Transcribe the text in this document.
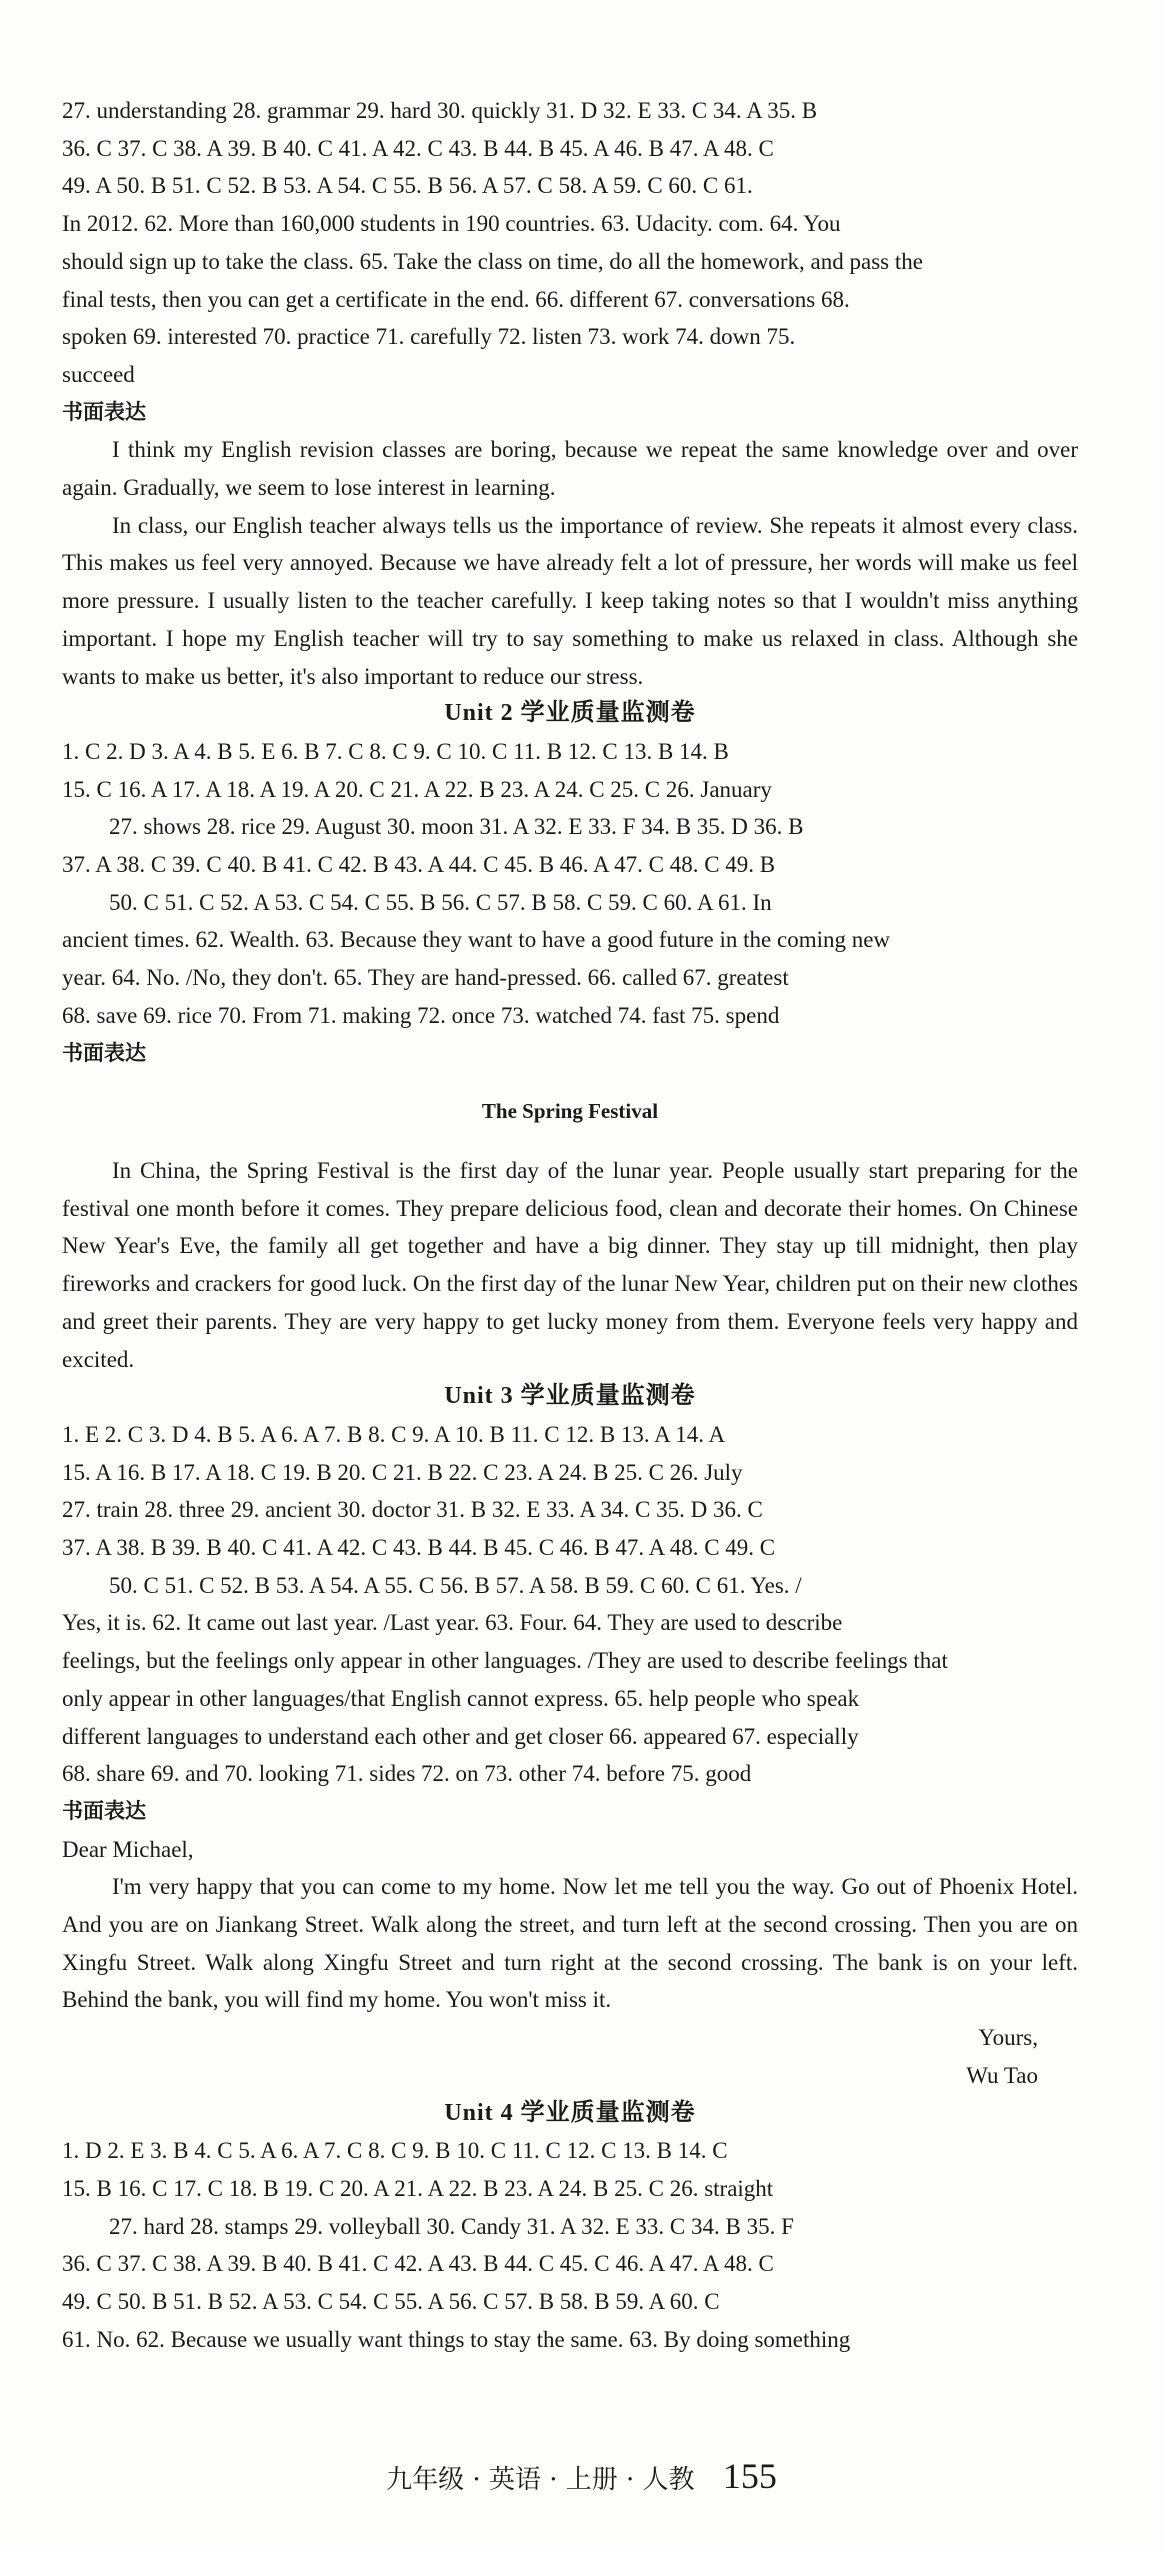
27. understanding 28. grammar 29. hard 30. quickly 31. D 32. E 33. C 34. A 35. B

36. C 37. C 38. A 39. B 40. C 41. A 42. C 43. B 44. B 45. A 46. B 47. A 48. C

49. A 50. B 51. C 52. B 53. A 54. C 55. B 56. A 57. C 58. A 59. C 60. C 61.

In 2012. 62. More than 160,000 students in 190 countries. 63. Udacity. com. 64. You

should sign up to take the class. 65. Take the class on time, do all the homework, and pass the

final tests, then you can get a certificate in the end. 66. different 67. conversations 68.

spoken 69. interested 70. practice 71. carefully 72. listen 73. work 74. down 75.

succeed

书面表达

I think my English revision classes are boring, because we repeat the same knowledge over and over again. Gradually, we seem to lose interest in learning.

In class, our English teacher always tells us the importance of review. She repeats it almost every class. This makes us feel very annoyed. Because we have already felt a lot of pressure, her words will make us feel more pressure. I usually listen to the teacher carefully. I keep taking notes so that I wouldn't miss anything important. I hope my English teacher will try to say something to make us relaxed in class. Although she wants to make us better, it's also important to reduce our stress.

Unit 2 学业质量监测卷

1. C 2. D 3. A 4. B 5. E 6. B 7. C 8. C 9. C 10. C 11. B 12. C 13. B 14. B

15. C 16. A 17. A 18. A 19. A 20. C 21. A 22. B 23. A 24. C 25. C 26. January

27. shows 28. rice 29. August 30. moon 31. A 32. E 33. F 34. B 35. D 36. B

37. A 38. C 39. C 40. B 41. C 42. B 43. A 44. C 45. B 46. A 47. C 48. C 49. B

50. C 51. C 52. A 53. C 54. C 55. B 56. C 57. B 58. C 59. C 60. A 61. In

ancient times. 62. Wealth. 63. Because they want to have a good future in the coming new

year. 64. No. /No, they don't. 65. They are hand-pressed. 66. called 67. greatest

68. save 69. rice 70. From 71. making 72. once 73. watched 74. fast 75. spend

书面表达

The Spring Festival

In China, the Spring Festival is the first day of the lunar year. People usually start preparing for the festival one month before it comes. They prepare delicious food, clean and decorate their homes. On Chinese New Year's Eve, the family all get together and have a big dinner. They stay up till midnight, then play fireworks and crackers for good luck. On the first day of the lunar New Year, children put on their new clothes and greet their parents. They are very happy to get lucky money from them. Everyone feels very happy and excited.

Unit 3 学业质量监测卷

1. E 2. C 3. D 4. B 5. A 6. A 7. B 8. C 9. A 10. B 11. C 12. B 13. A 14. A

15. A 16. B 17. A 18. C 19. B 20. C 21. B 22. C 23. A 24. B 25. C 26. July

27. train 28. three 29. ancient 30. doctor 31. B 32. E 33. A 34. C 35. D 36. C

37. A 38. B 39. B 40. C 41. A 42. C 43. B 44. B 45. C 46. B 47. A 48. C 49. C

50. C 51. C 52. B 53. A 54. A 55. C 56. B 57. A 58. B 59. C 60. C 61. Yes. /

Yes, it is. 62. It came out last year. /Last year. 63. Four. 64. They are used to describe

feelings, but the feelings only appear in other languages. /They are used to describe feelings that

only appear in other languages/that English cannot express. 65. help people who speak

different languages to understand each other and get closer 66. appeared 67. especially

68. share 69. and 70. looking 71. sides 72. on 73. other 74. before 75. good

书面表达

Dear Michael,

I'm very happy that you can come to my home. Now let me tell you the way. Go out of Phoenix Hotel. And you are on Jiankang Street. Walk along the street, and turn left at the second crossing. Then you are on Xingfu Street. Walk along Xingfu Street and turn right at the second crossing. The bank is on your left. Behind the bank, you will find my home. You won't miss it.

Yours,

Wu Tao

Unit 4 学业质量监测卷

1. D 2. E 3. B 4. C 5. A 6. A 7. C 8. C 9. B 10. C 11. C 12. C 13. B 14. C

15. B 16. C 17. C 18. B 19. C 20. A 21. A 22. B 23. A 24. B 25. C 26. straight

27. hard 28. stamps 29. volleyball 30. Candy 31. A 32. E 33. C 34. B 35. F

36. C 37. C 38. A 39. B 40. B 41. C 42. A 43. B 44. C 45. C 46. A 47. A 48. C

49. C 50. B 51. B 52. A 53. C 54. C 55. A 56. C 57. B 58. B 59. A 60. C

61. No. 62. Because we usually want things to stay the same. 63. By doing something

九年级 · 英语 · 上册 · 人教 155
